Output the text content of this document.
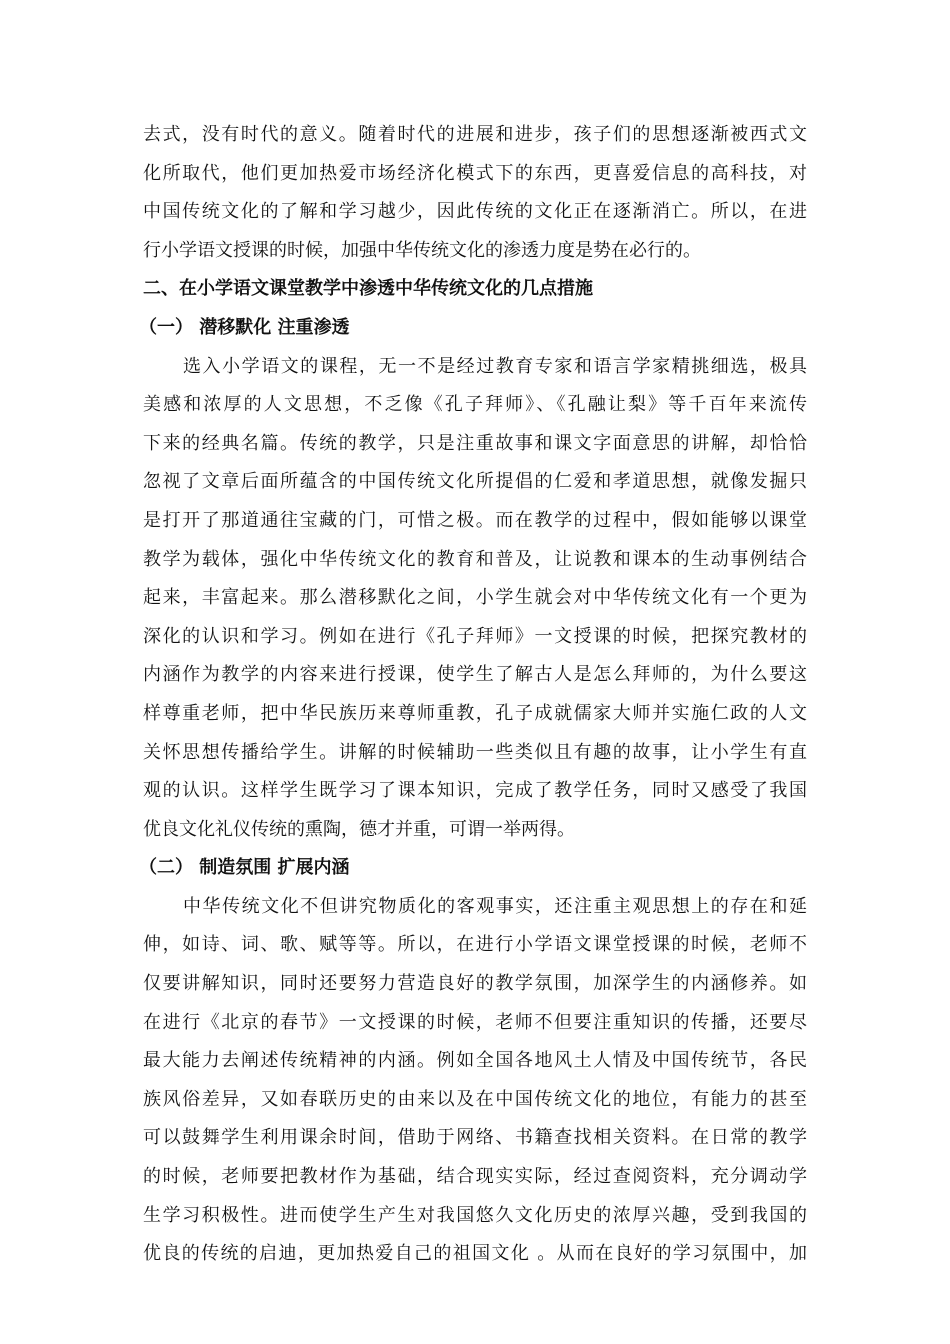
去式，没有时代的意义。随着时代的进展和进步，孩子们的思想逐渐被西式文
化所取代，他们更加热爱市场经济化模式下的东西，更喜爱信息的高科技，对
中国传统文化的了解和学习越少，因此传统的文化正在逐渐消亡。所以，在进
行小学语文授课的时候，加强中华传统文化的渗透力度是势在必行的。
二、在小学语文课堂教学中渗透中华传统文化的几点措施
（一） 潜移默化 注重渗透
选入小学语文的课程，无一不是经过教育专家和语言学家精挑细选，极具
美感和浓厚的人文思想，不乏像《孔子拜师》、《孔融让梨》等千百年来流传
下来的经典名篇。传统的教学，只是注重故事和课文字面意思的讲解，却恰恰
忽视了文章后面所蕴含的中国传统文化所提倡的仁爱和孝道思想，就像发掘只
是打开了那道通往宝藏的门，可惜之极。而在教学的过程中，假如能够以课堂
教学为载体，强化中华传统文化的教育和普及，让说教和课本的生动事例结合
起来，丰富起来。那么潜移默化之间，小学生就会对中华传统文化有一个更为
深化的认识和学习。例如在进行《孔子拜师》一文授课的时候，把探究教材的
内涵作为教学的内容来进行授课，使学生了解古人是怎么拜师的，为什么要这
样尊重老师，把中华民族历来尊师重教，孔子成就儒家大师并实施仁政的人文
关怀思想传播给学生。讲解的时候辅助一些类似且有趣的故事，让小学生有直
观的认识。这样学生既学习了课本知识，完成了教学任务，同时又感受了我国
优良文化礼仪传统的熏陶，德才并重，可谓一举两得。
（二） 制造氛围 扩展内涵
中华传统文化不但讲究物质化的客观事实，还注重主观思想上的存在和延
伸，如诗、词、歌、赋等等。所以，在进行小学语文课堂授课的时候，老师不
仅要讲解知识，同时还要努力营造良好的教学氛围，加深学生的内涵修养。如
在进行《北京的春节》一文授课的时候，老师不但要注重知识的传播，还要尽
最大能力去阐述传统精神的内涵。例如全国各地风土人情及中国传统节，各民
族风俗差异，又如春联历史的由来以及在中国传统文化的地位，有能力的甚至
可以鼓舞学生利用课余时间，借助于网络、书籍查找相关资料。在日常的教学
的时候，老师要把教材作为基础，结合现实实际，经过查阅资料，充分调动学
生学习积极性。进而使学生产生对我国悠久文化历史的浓厚兴趣，受到我国的
优良的传统的启迪，更加热爱自己的祖国文化 。从而在良好的学习氛围中，加
